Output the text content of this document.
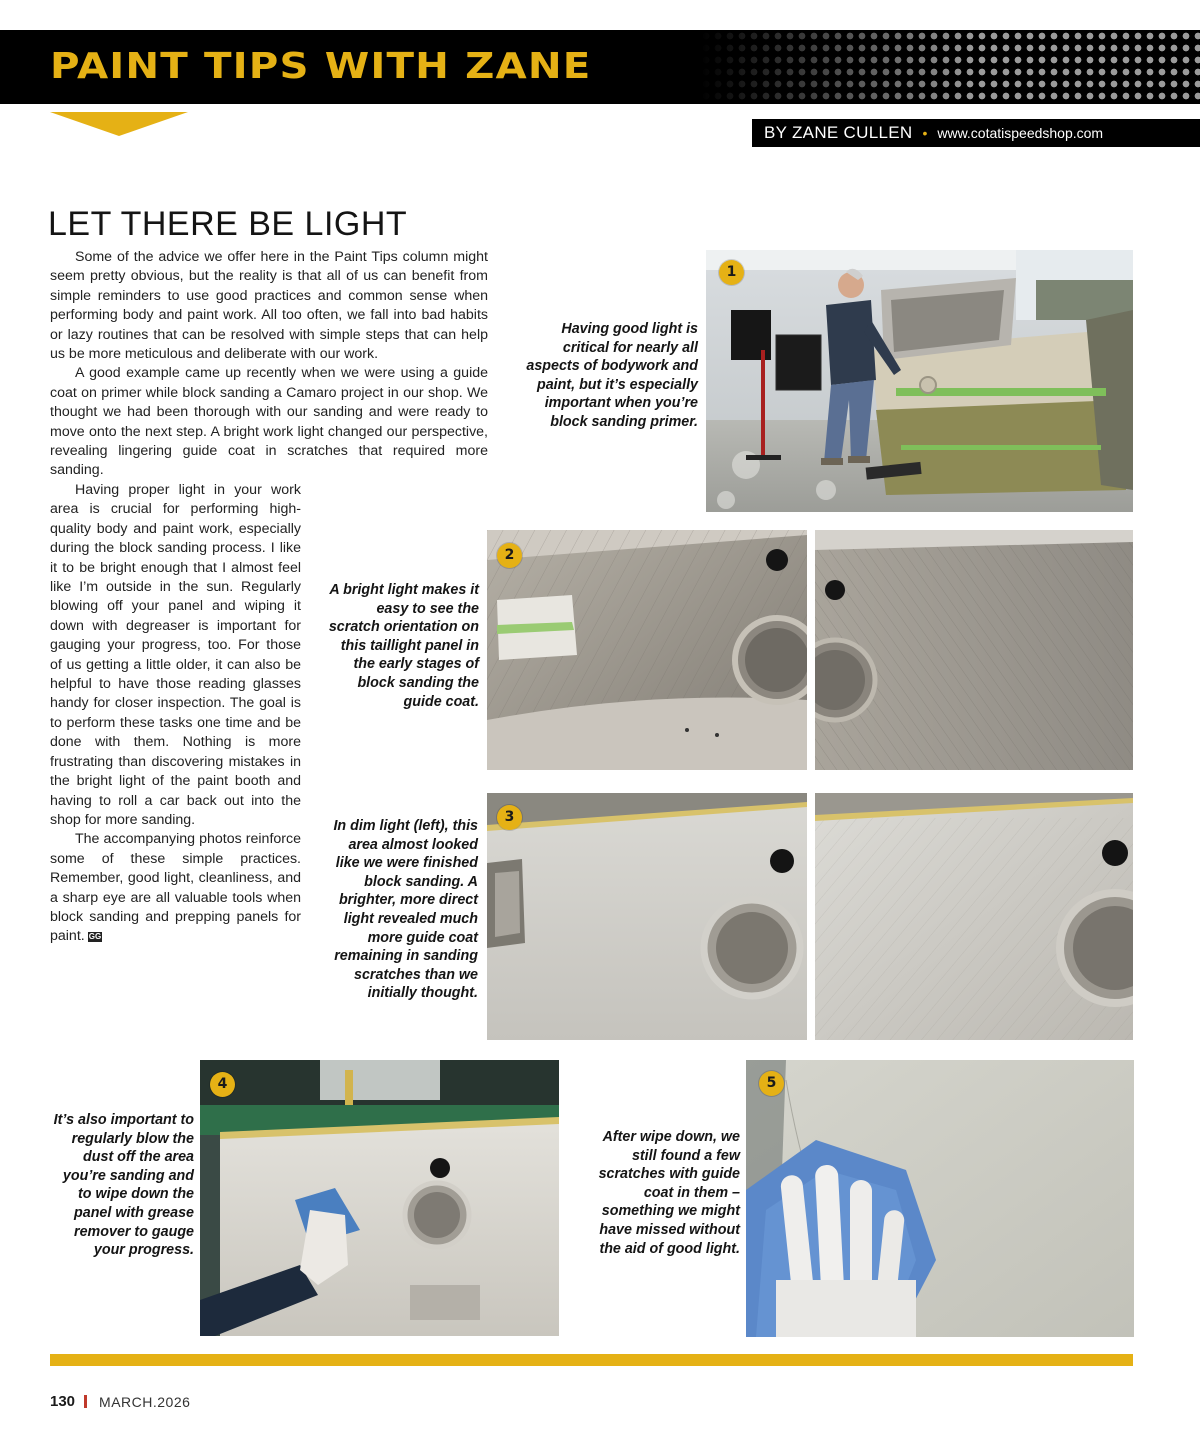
PAINT TIPS WITH ZANE
BY ZANE CULLEN • www.cotatispeedshop.com
LET THERE BE LIGHT

Some of the advice we offer here in the Paint Tips column might seem pretty obvious, but the reality is that all of us can benefit from simple reminders to use good practices and common sense when performing body and paint work. All too often, we fall into bad habits or lazy routines that can be resolved with simple steps that can help us be more meticulous and deliberate with our work.

A good example came up recently when we were using a guide coat on primer while block sanding a Camaro project in our shop. We thought we had been thorough with our sanding and were ready to move onto the next step. A bright work light changed our perspective, revealing lingering guide coat in scratches that required more sanding.

Having proper light in your work area is crucial for performing high-quality body and paint work, especially during the block sanding process. I like it to be bright enough that I almost feel like I’m outside in the sun. Regularly blowing off your panel and wiping it down with degreaser is important for gauging your progress, too. For those of us getting a little older, it can also be helpful to have those reading glasses handy for closer inspection. The goal is to perform these tasks one time and be done with them. Nothing is more frustrating than discovering mistakes in the bright light of the paint booth and having to roll a car back out into the shop for more sanding.

The accompanying photos reinforce some of these simple practices. Remember, good light, cleanliness, and a sharp eye are all valuable tools when block sanding and prepping panels for paint. GG

Having good light is critical for nearly all aspects of bodywork and paint, but it’s especially important when you’re block sanding primer.
A bright light makes it easy to see the scratch orientation on this taillight panel in the early stages of block sanding the guide coat.
In dim light (left), this area almost looked like we were finished block sanding. A brighter, more direct light revealed much more guide coat remaining in sanding scratches than we initially thought.
It’s also important to regularly blow the dust off the area you’re sanding and to wipe down the panel with grease remover to gauge your progress.
After wipe down, we still found a few scratches with guide coat in them – something we might have missed without the aid of good light.
1
2
3
4	5
130 MARCH.2026
